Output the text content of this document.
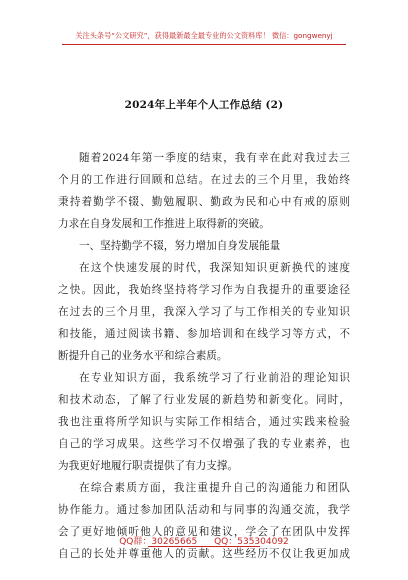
关注头条号“公文研究”，获得最新最全最专业的公文资料库！ 微信：gongwenyj
2024年上半年个人工作总结 (2)
随着2024年第一季度的结束，我有幸在此对我过去三
个月的工作进行回顾和总结。在过去的三个月里，我始终
秉持着勤学不辍、勤勉履职、勤政为民和心中有戒的原则
力求在自身发展和工作推进上取得新的突破。
一、坚持勤学不辍，努力增加自身发展能量
在这个快速发展的时代，我深知知识更新换代的速度
之快。因此，我始终坚持将学习作为自我提升的重要途径
在过去的三个月里，我深入学习了与工作相关的专业知识
和技能，通过阅读书籍、参加培训和在线学习等方式，不
断提升自己的业务水平和综合素质。
在专业知识方面，我系统学习了行业前沿的理论知识
和技术动态，了解了行业发展的新趋势和新变化。同时，
我也注重将所学知识与实际工作相结合，通过实践来检验
自己的学习成果。这些学习不仅增强了我的专业素养，也
为我更好地履行职责提供了有力支撑。
在综合素质方面，我注重提升自己的沟通能力和团队
协作能力。通过参加团队活动和与同事的沟通交流，我学
会了更好地倾听他人的意见和建议，学会了在团队中发挥
自己的长处并尊重他人的贡献。这些经历不仅让我更加成
QQ群：30265665 QQ：535304092
